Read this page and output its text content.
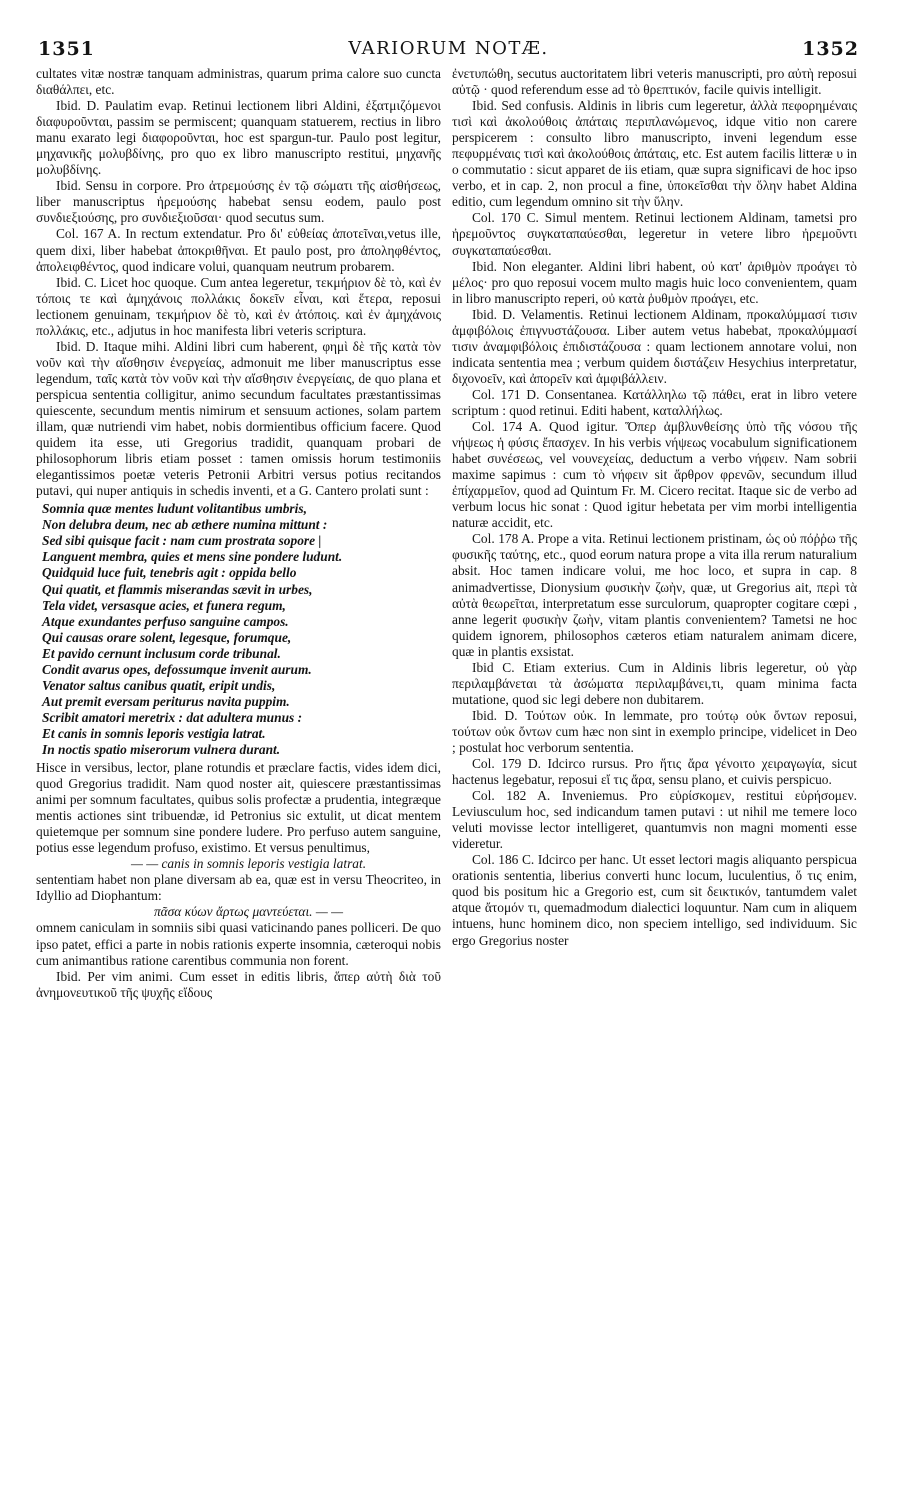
1351	VARIORUM NOTÆ.	1352

cultates vitæ nostræ tanquam administras, quarum prima calore suo cuncta διαθάλπει, etc.

Ibid. D. Paulatim evap. Retinui lectionem libri Aldini, ἐξατμιζόμενοι διαφυροῦνται, passim se permiscent; quanquam statuerem, rectius in libro manu exarato legi διαφοροῦνται, hoc est spargun-tur. Paulo post legitur, μηχανικῆς μολυβδίνης, pro quo ex libro manuscripto restitui, μηχανῆς μολυβδίνης.

Ibid. Sensu in corpore. Pro ἀτρεμούσης ἐν τῷ σώματι τῆς αἰσθήσεως, liber manuscriptus ἠρεμούσης habebat sensu eodem, paulo post συνδιεξιούσης, pro συνδιεξιοῦσαι· quod secutus sum.

Col. 167 A. In rectum extendatur. Pro δι' εὐθείας ἀποτεῖναι,vetus ille, quem dixi, liber habebat ἀποκριθῆναι. Et paulo post, pro ἀποληφθέντος, ἀπολειφθέντος, quod indicare volui, quanquam neutrum probarem.

Ibid. C. Licet hoc quoque. Cum antea legeretur, τεκμήριον δὲ τὸ, καὶ ἐν τόποις τε καὶ ἀμηχάνοις πολλάκις δοκεῖν εἶναι, καὶ ἕτερα, reposui lectionem genuinam, τεκμήριον δὲ τὸ, καὶ ἐν ἀτόποις. καὶ ἐν ἀμηχάνοις πολλάκις, etc., adjutus in hoc manifesta libri veteris scriptura.

Ibid. D. Itaque mihi. Aldini libri cum haberent, φημὶ δὲ τῆς κατὰ τὸν νοῦν καὶ τὴν αἴσθησιν ἐνεργείας, admonuit me liber manuscriptus esse legendum, ταῖς κατὰ τὸν νοῦν καὶ τὴν αἴσθησιν ἐνεργείαις, de quo plana et perspicua sententia colligitur, animo secundum facultates præstantissimas quiescente, secundum mentis nimirum et sensuum actiones, solam partem illam, quæ nutriendi vim habet, nobis dormientibus officium facere. Quod quidem ita esse, uti Gregorius tradidit, quanquam probari de philosophorum libris etiam posset : tamen omissis horum testimoniis elegantissimos poetæ veteris Petronii Arbitri versus potius recitandos putavi, qui nuper antiquis in schedis inventi, et a G. Cantero prolati sunt :

Somnia quæ mentes ludunt volitantibus umbris,
Non delubra deum, nec ab æthere numina mittunt :
Sed sibi quisque facit : nam cum prostrata sopore |
Languent membra, quies et mens sine pondere ludunt.
Quidquid luce fuit, tenebris agit : oppida bello
Qui quatit, et flammis miserandas sævit in urbes,
Tela videt, versasque acies, et funera regum,
Atque exundantes perfuso sanguine campos.
Qui causas orare solent, legesque, forumque,
Et pavido cernunt inclusum corde tribunal.
Condit avarus opes, defossumque invenit aurum.
Venator saltus canibus quatit, eripit undis,
Aut premit eversam periturus navita puppim.
Scribit amatori meretrix : dat adultera munus :
Et canis in somnis leporis vestigia latrat.
In noctis spatio miserorum vulnera durant.

Hisce in versibus, lector, plane rotundis et præclare factis, vides idem dici, quod Gregorius tradidit. Nam quod noster ait, quiescere præstantissimas animi per somnum facultates, quibus solis profectæ a prudentia, integræque mentis actiones sint tribuendæ, id Petronius sic extulit, ut dicat mentem quietemque per somnum sine pondere ludere. Pro perfuso autem sanguine, potius esse legendum profuso, existimo. Et versus penultimus,

— — canis in somnis leporis vestigia latrat.

sententiam habet non plane diversam ab ea, quæ est in versu Theocriteo, in Idyllio ad Diophantum:

πᾶσα κύων ἄρτως μαντεύεται. — —

omnem caniculam in somniis sibi quasi vaticinando panes polliceri. De quo ipso patet, effici a parte in nobis rationis experte insomnia, cæteroqui nobis cum animantibus ratione carentibus communia non forent.

Ibid. Per vim animi. Cum esset in editis libris, ἅπερ αὐτὴ διὰ τοῦ ἀνημονευτικοῦ τῆς ψυχῆς εἴδους

ἐνετυπώθη, secutus auctoritatem libri veteris manuscripti, pro αὐτὴ reposui αὐτῷ · quod referendum esse ad τὸ θρεπτικόν, facile quivis intelligit.

Ibid. Sed confusis. Aldinis in libris cum legeretur, ἀλλὰ πεφορημέναις τισὶ καὶ ἀκολούθοις ἀπάταις περιπλανώμενος, idque vitio non carere perspicerem : consulto libro manuscripto, inveni legendum esse πεφυρμέναις τισὶ καὶ ἀκολούθοις ἀπάταις, etc. Est autem facilis litteræ υ in ο commutatio : sicut apparet de iis etiam, quæ supra significavi de hoc ipso verbo, et in cap. 2, non procul a fine, ὑποκεῖσθαι τὴν ὅλην habet Aldina editio, cum legendum omnino sit τὴν ὕλην.

Col. 170 C. Simul mentem. Retinui lectionem Aldinam, tametsi pro ἠρεμοῦντος συγκαταπαύεσθαι, legeretur in vetere libro ἠρεμοῦντι συγκαταπαύεσθαι.

Ibid. Non eleganter. Aldini libri habent, οὐ κατ' ἀριθμὸν προάγει τὸ μέλος· pro quo reposui vocem multo magis huic loco convenientem, quam in libro manuscripto reperi, οὐ κατὰ ῥυθμὸν προάγει, etc.

Ibid. D. Velamentis. Retinui lectionem Aldinam, προκαλύμμασί τισιν ἀμφιβόλοις ἐπιγνυστάζουσα. Liber autem vetus habebat, προκαλύμμασί τισιν ἀναμφιβόλοις ἐπιδιστάζουσα : quam lectionem annotare volui, non indicata sententia mea ; verbum quidem διστάζειν Hesychius interpretatur, διχονοεῖν, καὶ ἀπορεῖν καὶ ἀμφιβάλλειν.

Col. 171 D. Consentanea. Κατάλληλω τῷ πάθει, erat in libro vetere scriptum : quod retinui. Editi habent, καταλλήλως.

Col. 174 A. Quod igitur. Ὅπερ ἀμβλυνθείσης ὑπὸ τῆς νόσου τῆς νήψεως ἡ φύσις ἔπασχεν. In his verbis νήψεως vocabulum significationem habet συνέσεως, vel νουνεχείας, deductum a verbo νήφειν. Nam sobrii maxime sapimus : cum τὸ νήφειν sit ἄρθρον φρενῶν, secundum illud ἐπίχαρμεῖον, quod ad Quintum Fr. M. Cicero recitat. Itaque sic de verbo ad verbum locus hic sonat : Quod igitur hebetata per vim morbi intelligentia naturæ accidit, etc.

Col. 178 A. Prope a vita. Retinui lectionem pristinam, ὡς οὐ πόῤῥω τῆς φυσικῆς ταύτης, etc., quod eorum natura prope a vita illa rerum naturalium absit. Hoc tamen indicare volui, me hoc loco, et supra in cap. 8 animadvertisse, Dionysium φυσικὴν ζωὴν, quæ, ut Gregorius ait, περὶ τὰ αὐτὰ θεωρεῖται, interpretatum esse surculorum, quapropter cogitare cœpi , anne legerit φυσικὴν ζωὴν, vitam plantis convenientem? Tametsi ne hoc quidem ignorem, philosophos cæteros etiam naturalem animam dicere, quæ in plantis exsistat.

Ibid C. Etiam exterius. Cum in Aldinis libris legeretur, οὐ γὰρ περιλαμβάνεται τὰ ἀσώματα περιλαμβάνει,τι, quam minima facta mutatione, quod sic legi debere non dubitarem.

Ibid. D. Τούτων οὐκ. In lemmate, pro τούτῳ οὐκ ὄντων reposui, τούτων οὐκ ὄντων cum hæc non sint in exemplo principe, videlicet in Deo ; postulat hoc verborum sententia.

Col. 179 D. Idcirco rursus. Pro ἥτις ἄρα γένοιτο χειραγωγία, sicut hactenus legebatur, reposui εἴ τις ἄρα, sensu plano, et cuivis perspicuo.

Col. 182 A. Inveniemus. Pro εὑρίσκομεν, restitui εὑρήσομεν. Leviusculum hoc, sed indicandum tamen putavi : ut nihil me temere loco veluti movisse lector intelligeret, quantumvis non magni momenti esse videretur.

Col. 186 C. Idcirco per hanc. Ut esset lectori magis aliquanto perspicua orationis sententia, liberius converti hunc locum, luculentius, ὅ τις enim, quod bis positum hic a Gregorio est, cum sit δεικτικόν, tantumdem valet atque ἄτομόν τι, quemadmodum dialectici loquuntur. Nam cum in aliquem intuens, hunc hominem dico, non speciem intelligo, sed individuum. Sic ergo Gregorius noster
